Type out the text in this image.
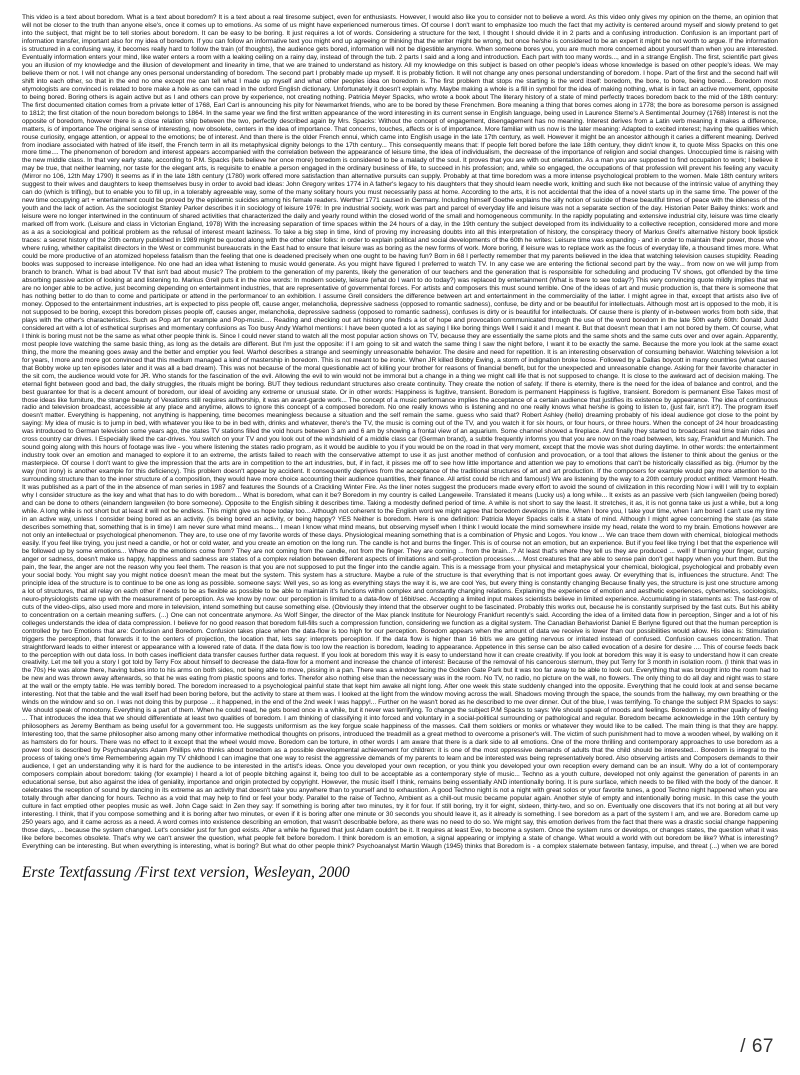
This video is a text about boredom. What is a text about boredom? It is a text about a real tiresome subject, even for enthusiasts. However, I would also like you to consider not to believe a word. As this video only gives my opinion on the theme, an opinion that will not be closer to the truth than anyone else's, once it comes up to emotions. As some of us might have experienced numerous times. Of course I don't want to emphasize too much the fact that my activity is centered around myself and slowly pretend to get into the subject, that might be to tell stories about boredom. It can be easy to be boring. It just requires a lot of words. Considering a structure for the text, I thought I should divide it in 2 parts and a confusing introduction. Confusion is an important part of information transfer, important also for my idea of boredom. If you can follow an informative text you might end up agreeing or thinking that the writer might be wrong, but once he/she is considered to be an expert it might be not worth to argue. If the information is structured in a confusing way, it becomes really hard to follow the train (of thoughts), the audience gets bored, information will not be digestible anymore. When someone bores you, you are much more concerned about yourself than when you are interested. Eventually information enters your mind, like water enters a room with a leaking ceiling on a rainy day, instead of through the tub. 2 parts I said and a long and introduction. Each part with too many words..., and in a strange English. The first, scientific part gives you an illusion of my knowledge and the illusion of development and linearity in time, that we are trained to understand as history. All my knowledge on this subject is based on other people's ideas whose knowledge is based on other people's ideas. We may believe them or not. I will not change any ones personal understanding of boredom. The second part I probably made up myself. It is probably fiction. It will not change any ones personal understanding of boredom. I hope. Part of the first and the second half will shift into each other, so that in the end no one except me can tell what I made up myself and what other peoples idea on boredom is. The first problem that stops me starting is the word itself: boredom, the bore, to bore, being bored.... Boredom most etymologists are convinced is related to bore make a hole as one can read in the oxford English dictionary. Unfortunately it doesn't explain why. Maybe making a whole is a fill in symbol for the idea of making nothing, what is in fact an active movement, opposite to being bored. Boring others is again active but as I and others can prove by experience, not creating nothing. Patricia Meyer Spacks, who wrote a book about The literary history of a state of mind perfectly traces boredom back to the mid of the 18th century: The first documented citation comes from a private letter of 1768, Earl Carl is announcing his pity for Newmarket friends, who are to be bored by these Frenchmen. Bore meaning a thing that bores comes along in 1778; the bore as boresome person is assigned to 1812; the first citation of the noun boredom belongs to 1864. In the same year we find the first written appearance of the word interesting in its current sense in English language, being used in Laurence Sterne's A Sentimental Journey (1768) Interest is not the opposite of boredom, however there is a close relation ship between the two, perfectly described again by Mrs. Spacks: Without the concept of engagement, disengagement has no meaning. Interest derives from a Latin verb meaning it makes a difference, matters, is of importance The original sense of interesting, now obsolete, centers in the idea of importance. That concerns, touches, affects or is of importance. More familiar with us now is the later meaning: Adapted to excited interest; having the qualities which rouse curiosity, engage attention, or appeal to the emotions; be of interest. And than there is the older French ennui, which came into English usage in the late 17th century, as well. However it might be an ancestor although it caries a different meaning. Derived from inodiare associated with hatred of life itself, the French term in all its metaphysical dignity belongs to the 17th century... This consequently means that: If people felt bored before the late 18th century, they didn't know it, to quote Miss Spacks on this one more time.... The phenomenon of boredom and interest appears accompanied with the correlation between the appearance of leisure time, the idea of individualism, the decrease of the importance of religion and social changes. Unoccupied time is raising with the new middle class. In that very early state, according to P.M. Spacks (lets believe her once more) boredom is considered to be a malady of the soul. It proves that you are with out orientation. As a man you are supposed to find occupation to work; I believe it may be true, that neither learning, nor taste for the elegant arts, is requisite to enable a person engaged in the ordinary business of life, to succeed in his profession; and, while so engaged, the occupations of that profession will prevent his feeling any vacuity (Mirror no 106, 12th May 1790) It seems as if in the late 18th century (1780) work offered more satisfaction than alternative pursuits can supply. Probably at that time boredom was a more intense psychological problem to the women. Male 18th century writers suggest to their wives and daughters to keep themselves busy in order to avoid bad ideas: John Gregory writes 1774 in A father's legacy to his daughters that they should learn needle work, knitting and such like not because of the intrinsic value of anything they can do (which is trifling), but to enable you to fill up, in a tolerably agreeable way, some of the many solitary hours you must necessarily pass at home. According to the arts, it is not accidental that the idea of a novel starts up in the same time. The power of the new time occupying art + entertainment could be proved by the epidemic suicides among his female readers. Werther 1771 caused in Germany. Including himself Goethe explains the silly notion of suicide of these beautiful times of peace with the idleness of the youth and the lack of action. As the sociologist Stanley Parker describes it in sociology of leisure 1976: In pre industrial society, work was part and parcel of everyday life and leisure was not a separate section of the day. Historian Peter Bailey thinks: work and leisure were no longer intertwined in the continuum of shared activities that characterized the daily and yearly round within the closed world of the small and homogeneous community. In the rapidly populating and extensive industrial city, leisure was time clearly marked off from work. (Leisure and class in Victorian England, 1978) With the increasing separation of time spaces within the 24 hours of a day, in the 19th century the subject developed from its individuality to a collective reception, considered more and more as a as a sociological and political problem as the refusal of interest meant laziness. To take a big step in time, kind of proving my increasing doubts into all this interpretation of history, the conspiracy theory of Markus Grell's alternative history book lipstick traces: a secret history of the 20th century published in 1989 might be quoted along with the other older folks: in order to explain political and social developments of the 60th he writes: Leisure time was expanding - and in order to maintain their power, those who where ruling, whether capitalist directors in the West or communist bureaucrats in the East had to ensure that leisure was as boring as the new forms of work. More boring, if leisure was to replace work as the focus of everyday life, a thousand times more. What could be more productive of an atomized hopeless fatalism than the feeling that one is deadened precisely when one ought to be having fun? Born in 68 I perfectly remember that my parents believed in the idea that watching television causes stupidity. Reading books was supposed to increase intelligence. No one had an idea what listening to music would generate. As you might have figured I preferred to watch TV. In any case we are entering the fictional second part by the way... from now on we will jump from branch to branch. What is bad about TV that isn't bad about music? The problem to the generation of my parents, likely the generation of our teachers and the generation that is responsible for scheduling and producing TV shows, got offended by the time absorbing passive action of looking at and listening to. Markus Grell puts it in the nice words: In modern society, leisure (what do I want to do today?) was replaced by entertainment (What is there to see today?) This very convincing quote mildly implies that we are no longer able to be active, just becoming depending on entertainment industries, that are representative of governmental forces. For artists and composers this must sound terrible. One of the ideas of art and music production is, that there is someone that has nothing better to do than to come and participate or attend in the performance/ to an exhibition. I assume Grell considers the difference between art and entertainment in the commerciality of the latter. I might agree in that, except that artists also live of money. Opposed to the entertainment industries, art is expected to piss people off, cause anger, melancholia, depressive sadness (opposed to romantic sadness), confuse, be dirty and or be beautiful for intellectuals. Although most art is opposed to the mob, it is not supposed to be boring, except this boredom pisses people off, causes anger, melancholia, depressive sadness (opposed to romantic sadness), confuses is dirty or is beautiful for intellectuals. Of cause there is plenty of in-between works from both side, that plays with the other's characteristics. Such as Pop art for example and Pop-music.... Reading and checking out art history one finds a lot of hope and provocation communicated through the use of the word boredom in the late 50th early 60th: Donald Judd considered art with a lot of esthetical surprises and momentary confusions as Too busy Andy Warhol mentions: I have been quoted a lot as saying I like boring things Well I said it and I meant it. But that doesn't mean that I am not bored by them. Of course, what I think is boring must not be the same as what other people think is. Since I could never stand to watch all the most popular action shows on TV, because they are essentially the same plots and the same shots and the same cuts over and over again. Apparently, most people love watching the same basic thing, as long as the details are different. But I'm just the opposite: if I am going to sit and watch the same thing I saw the night before, I want it to be exactly the same. Because the more you look at the same exact thing, the more the meaning goes away and the better and emptier you feel. Warhol describes a strange and seemingly unreasonable behavior. The desire and need for repetition. It is an interesting observation of consuming behavior. Watching television a lot for years, I more and more got convinced that this medium managed a kind of mastership in boredom. This is not meant to be ironic. When JR killed Bobby Ewing, a storm of indignation broke loose. Followed by a Dallas boycott in many countries (what caused that Bobby woke up ten episodes later and it was all a bad dream). This was not because of the moral questionable act of killing your brother for reasons of financial benefit, but for the unexpected and unreasonable change. Asking for their favorite character in the sit com, the audience would vote for JR. Who stands for the fascination of the evil. Allowing the evil to win would not be immoral but a change in a thing we might call life that is not supposed to change. It is close to the awkward act of decision making. The eternal fight between good and bad, the daily struggles, the rituals might be boring. BUT they tedious redundant structures also create continuity. They create the notion of safety. If there is eternity, there is the need for the idea of balance and control, and the best guarantee for that is a decent amount of boredom, our ideal of avoiding any extreme or unusual state. Or in other words: Happiness is fugitive, transient. Boredom is permanent Happiness is fugitive, transient. Boredom is permanent Else Takes most of those ideas like furniture, the strange beauty of Vexations still requires authorship, it was an avant-garde work... The concept of a music performance implies the acceptance of a certain audience that justifies its existence by appearance. The idea of continuous radio and television broadcast, accessible at any place and anytime, allows to ignore this concept of a composed boredom. No one really knows who is listening and no one really knows what he/she is going to listen to, (just fair, isn't it?). The program itself doesn't matter. Everything is happening, not anything is happening, time becomes meaningless because a situation and the self remain the same. guess who said that? Robert Ashley (hello) dreaming probably of his ideal audience got close to the point by saying: My idea of music is to jump in bed, with whatever you like to be in bed with, drinks and whatever, there's the TV, the music is coming out of the TV, and you watch it for six hours, or four hours, or three hours. When the concept of 24 hour broadcasting was introduced to German television some years ago, the states TV stations filled the void hours between 3 am and 6 am by showing a frontal view of an aquarium. Some channel showed a fireplace. And finally they started to broadcast real time train rides and cross country car drives. I Especially liked the car-drives. You switch on your TV and you look out of the windshield of a middle class car (German brand), a subtle frequently informs you that you are now on the road between, lets say, Frankfurt and Munich. The sound going along with this hours of footage was live - you where listening the states radio program, as it would be audible to you if you would be on the road in that very moment, except that the movie was shot during daytime. In other words: the entertainment industry took over an emotion and managed to explore it to an extreme, the artists failed to reach with the conservative attempt to use it as just another method of confusion and provocation, or a tool that allows the listener to think about the genius or the masterpiece. Of course I don't want to give the impression that the arts are in competition to the art industries, but, if in fact, it pisses me off to see how little importance and attention we pay to emotions that can't be historically classified as big. (Humor by the way (not irony) is another example for this deficiency). This problem doesn't appear by accident. It consequently deprives from the acceptance of the traditional structures of art and art production. If the composers for example would pay more attention to the surrounding structure than to the inner structure of a composition, they would have more choice accounting their audience quantities, their finance. All artist could be rich and famous!) We are listening by the way to a 20th century product entitled: Vermont Heath. It was published as a part of the in the absence of man series in 1987 and features the Sounds of a Crackling Winter Fire. As the liner notes suggest the producers made every effort to avoid the sound of civilization in this recording Now i will I will try to explain why I consider structure as the key and what that has to do with boredom... What is boredom, what can it be? Boredom in my country is called Langeweile. Translated it means (Lucky us) a long while... It exists as an passive verb (sich langweilen (being bored) and can be done to others (einandern langweilen (to bore someone). Opposite to the English sibling it describes time. Taking a modestly defined period of time. A while is not short to say the least. It stretches, it as, it is not gonna take us just a while, but a long while. A long while is not short but at least it will not be endless. This might give us hope today too... Although not coherent to the English word we might agree that boredom develops in time. When I bore you, I take your time, when I am bored I can't use my time in an active way, unless I consider being bored as an activity. (is being bored an activity, or being happy? YES Neither is boredom. Here is one definition: Patricia Meyer Spacks calls it a state of mind. Although I might agree concerning the state (as state describes something that, something that is in time) I am never sure what mind means... I mean I know what mind means, but observing myself when I think I would locate the mind somewhere inside my head, relate the word to my brain. Emotions however are not only an intellectual or psychological phenomenon. They are, to use one of my favorite words of these days. Physiological meaning something that is a combination of Physic and Logos. You know ... We can trace them down with chemical, biological methods easily. If you feel like trying, you just need a candle, or hot or cold water, and you create an emotion on the long run. The candle is hot and burns the finger. This is of course not an emotion, but an experience. But if you feel like trying I bet that the experience will be followed up by some emotions... Where do the emotions come from? They are not coming from the candle, not from the finger. They are coming ... from the brain...? At least that's where they tell us they are produced ... well! If burning your finger, cursing anger or sadness, doesn't make us happy, happiness and sadness are states of a complex relation between different aspects of limitations and self-protection processes.... Most creatures that are able to sense pain don't get happy when you hurt them. But the pain, the fear, the anger are not the reason why you feel them. The reason is that you are not supposed to put the finger into the candle again. This is a message from your physical and metaphysical your chemical, biological, psychological and probably even your social body. You might say you might notice doesn't mean the meat but the system. This system has a structure. Maybe a rule of the structure is that everything that is not important goes away. Or everything that is, influences the structure. And: The principle idea of the structure is to continue to be one as long as possible. someone says: Well yes, so as long as everything stays the way it is, we are cool Yes, but every thing is constantly changing Because finally yes, the structure is just one structure among a lot of structures, that all relay on each other if needs to be as flexible as possible to be able to maintain it's functions within complex and constantly changing relations. Explaining the experience of emotion and aesthetic experiences, cybernetics, sociologists, neuro-physiologists came up with the measurement of perception. As we know by now: our perception is limited to a data-flow of 16bit/sec. Accepting a limited input makes scientists believe in limited experience. Accumulating in statements as: The fast-row of cuts of the video-clips, also used more and more in television, intend something but cause something else. (Obviously they intend that the observer ought to be fascinated. Probably this works out, because he is constantly surprised by the fast cuts. But his ability to concentration on a certain meaning suffers. (...) One can not concentrate anymore. As Wolf Singer, the director of the Max planck Institute for Neurology Frankfurt recently's said. According the idea of a limited data flow in perception, Singer and a lot of his colleges understands the idea of data compression. I believe for no good reason that boredom full-fills such a compression function, considering we function as a digital system. The Canadian Behaviorist Daniel E Berlyne figured out that the human perception is controlled by two Emotions that are: Confusion and Boredom. Confusion takes place when the data-flow is too high for our perception. Boredom appears when the amount of data we receive is lower than our possibilities would allow. His idea is: Stimulation triggers the perception, that forwards it to the centers of projection, the location that, lets say: interprets perception. If the data flow is higher than 16 bit/s we are getting nervous or irritated instead of confused. Confusion causes concentration. That straightforward leads to either interest or appearance with a lowered rate of data. If the data flow is too low the reaction is boredom, leading to appearance. Appetence in this sense can be also called evocation of a desire for desire .... This of course feeds back to the perception with out data loss. In both cases inefficient data transfer causes further data request. If you look at boredom this way it is easy to understand how it can create creativity. If you look at boredom this way it is easy to understand how it can create creativity. Let me tell you a story I got told by Terry Fox about himself to decrease the data-flow for a moment and increase the chance of interest: Because of the removal of his cancerous sternum, they put Terry for 3 month in isolation room. (I think that was in the 70s) He was alone there, having tubes into to his arms on both sides, not being able to move, pissing in a pan. There was a window facing the Golden Gate Park but it was too far away to be able to look out. Everything that was brought into the room had to be new and was thrown away afterwards, so that he was eating from plastic spoons and forks. Therefor also nothing else than the necessary was in the room. No TV, no radio, no picture on the wall, no flowers. The only thing to do all day and night was to stare at the wall or the empty table. He was terribly bored. The boredom increased to a psychological painful state that kept him awake all night long. After one week this state suddenly changed into the opposite. Everything that he could look at and sense became interesting. Not that the table and the wall itself had been boring before, but the activity to stare at them was. I looked at the light from the window moving across the wall. Shadows moving through the space, the sounds from the hallway, my own breathing or the winds on the window and so on. I was not doing this by purpose ... it happened, in the end of the 2nd week I was happy!... Further on he wasn't bored as he described to me over dinner. Out of the blue, I was terrifying. To change the subject P.M Spacks to says: We should speak of monotony. Everything is a part of them. When he could read, he gets bored once in a while, but it never was terrifying. To change the subject P.M Spacks to says: We should speak of moods and feelings. Boredom is another quality of feeling ... That introduces the idea that we should differentiate at least two qualities of boredom. I am thinking of classifying it into forced and voluntary in a social-political surrounding or pathological and regular. Boredom became acknowledge in the 19th century by philosophers as Jeremy Bentham as being useful for a government too. He suggests uniformism as the key forgue scale happiness of the masses. Call them soldiers or monks or whatever they would like to be called. The main thing is that they are happy. Interesting too, that the same philosopher also among many other informative methodical thoughts on prisons, introduced the treadmill as a great method to overcome a prisoner's will. The victim of such punishment had to move a wooden wheel, by walking on it as hamsters do for hours. There was no effect to it except that the wheel would move. Boredom can be torture, in other words I am aware that there is a dark side to all emotions. One of the more thrilling and contemporary approaches to use boredom as a power tool is described by Psychoanalysts Adam Phillips who thinks about boredom as a possible developmental achievement for children: it is one of the most oppressive demands of adults that the child should be interested... Boredom is integral to the process of taking one's time Remembering again my TV childhood I can imagine that one way to resist the aggressive demands of my parents to learn and be interested was being representatively bored. Also observing artists and Composers demands to their audience, I get an understanding why it is hard for the audience to be interested in the artist's ideas. Once you developed your own reception, or you think you developed your own reception every demand can be an insult. Why do a lot of contemporary composers complain about boredom: taking (for example) I heard a lot of people bitching against it, being too dull to be acceptable as a contemporary style of music... Techno as a youth culture, developed not only against the generation of parents in an educational sense, but also against the idea of geniality, importance and origin protected by copyright. However, the music itself I think, remains being essentially AND intentionally boring. It is pure surface, which needs to be filled with the body of the dancer. It celebrates the reception of sound by dancing in its extreme as an activity that doesn't take you anywhere than to yourself and to exhaustion. A good Techno night is not a night with great solos or your favorite tunes, a good Techno night happened when you are totally through after dancing for hours. Techno as a void that may help to find or feel your body. Parallel to the raise of Techno, Ambient as a chill-out music became popular again. Another style of empty and intentionally boring music. In this case the youth culture in fact emptied other peoples music as well. John Cage said: In Zen they say: If something is boring after two minutes, try it for four. If still boring, try it for eight, sixteen, thirty-two, and so on. Eventually one discovers that it's not boring at all but very interesting. I think, that if you compose something and it is boring after two minutes, or even if it is boring after one minute or 30 seconds you should leave it, as it already is something. I see boredom as a part of the system I am, and we are. Boredom came up 250 years ago, and it came across as a need. A word comes into existence describing an emotion, that wasn't describable before, as there was no need to do so. We might say, this emotion derives from the fact that there was a drastic social change happening those days, ... because the system changed. Let's consider just for fun god exists. After a while he figured that just Adam couldn't be it. It requires at least Eve, to become a system. Once the system runs or develops, or changes states, the question what it was like before becomes obsolete. That's why we can't answer the question, what people felt before boredom. I think boredom is an emotion, a signal appearing or implying a state of change. What would a world with out boredom be like? What is interesting? Everything can be interesting. But when everything is interesting, what is boring? But what do other people think? Psychoanalyst Martin Waugh (1945) thinks that Boredom is - a complex stalemate between fantasy, impulse, and threat (...) when we are bored
Erste Textfassung /First text version, Wesleyan, 2000
/ 67
